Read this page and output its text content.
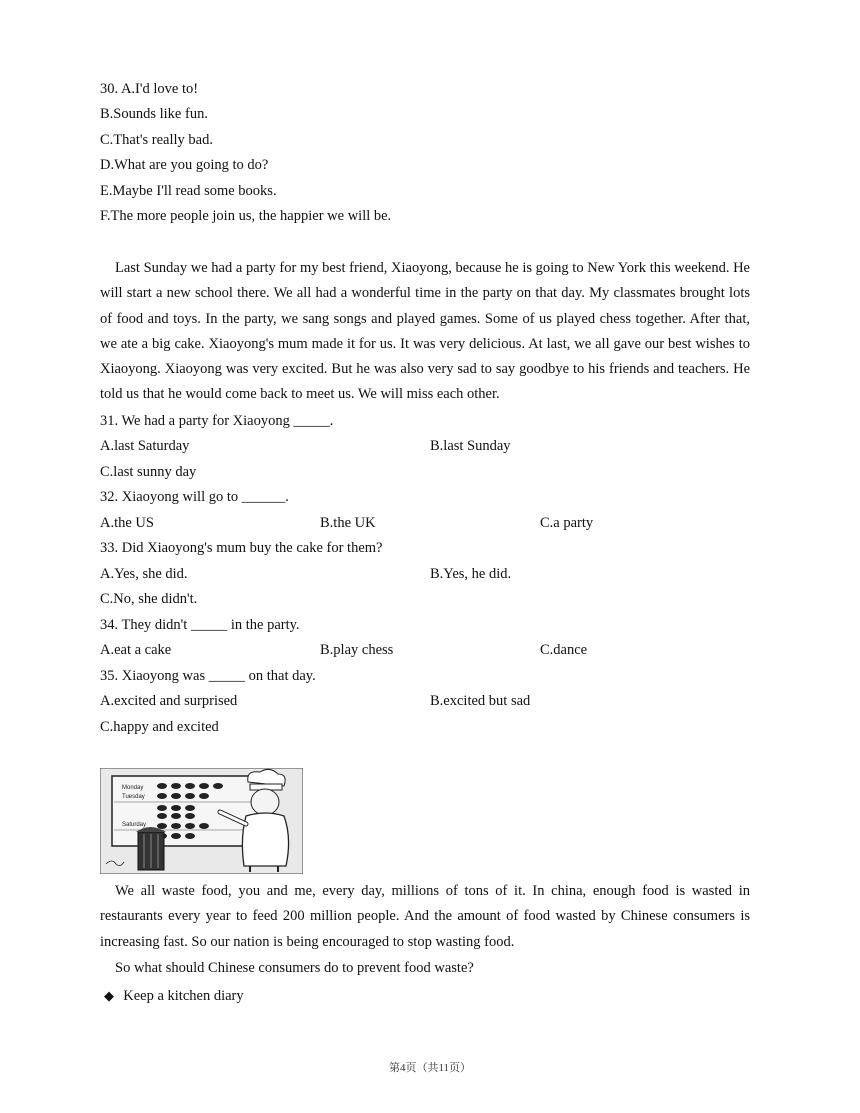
30. A.I'd love to!
B.Sounds like fun.
C.That's really bad.
D.What are you going to do?
E.Maybe I'll read some books.
F.The more people join us, the happier we will be.
Last Sunday we had a party for my best friend, Xiaoyong, because he is going to New York this weekend. He will start a new school there. We all had a wonderful time in the party on that day. My classmates brought lots of food and toys. In the party, we sang songs and played games. Some of us played chess together. After that, we ate a big cake. Xiaoyong's mum made it for us. It was very delicious. At last, we all gave our best wishes to Xiaoyong. Xiaoyong was very excited. But he was also very sad to say goodbye to his friends and teachers. He told us that he would come back to meet us. We will miss each other.
31. We had a party for Xiaoyong _____.
A.last Saturday	B.last Sunday
C.last sunny day
32. Xiaoyong will go to ______.
A.the US	B.the UK	C.a party
33. Did Xiaoyong's mum buy the cake for them?
A.Yes, she did.	B.Yes, he did.
C.No, she didn't.
34. They didn't _____ in the party.
A.eat a cake	B.play chess	C.dance
35. Xiaoyong was _____ on that day.
A.excited and surprised	B.excited but sad
C.happy and excited
Monday
Tuesday
Saturday
We all waste food, you and me, every day, millions of tons of it. In china, enough food is wasted in restaurants every year to feed 200 million people. And the amount of food wasted by Chinese consumers is increasing fast. So our nation is being encouraged to stop wasting food.
So what should Chinese consumers do to prevent food waste?
◆ Keep a kitchen diary
第4页（共11页）
